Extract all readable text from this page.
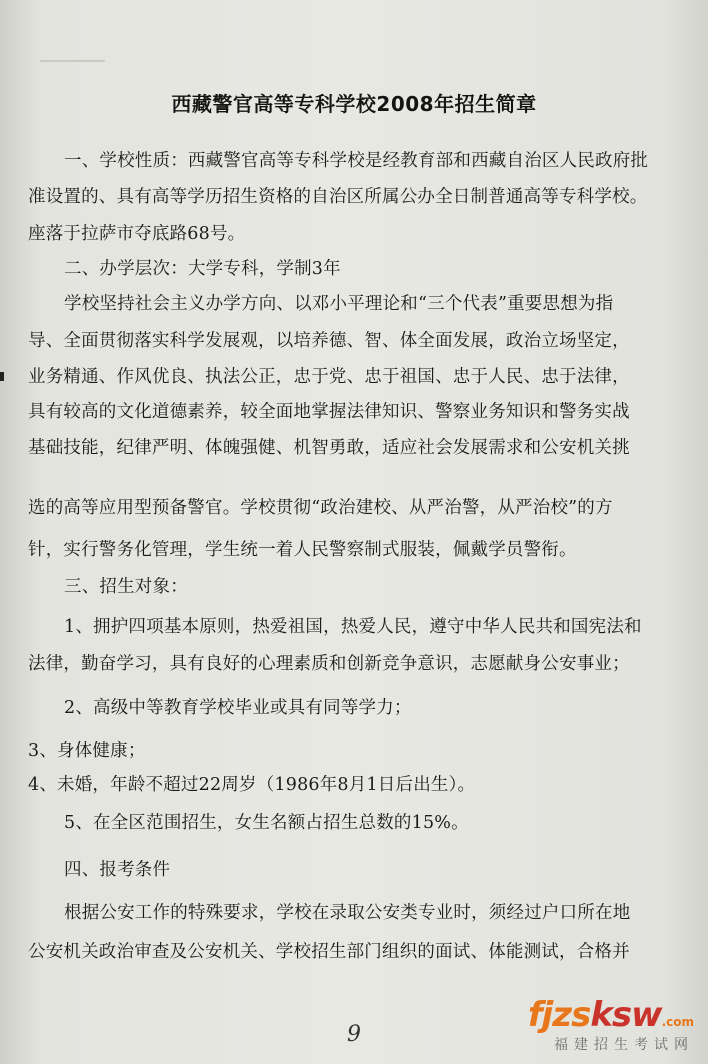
▔▔▔▔▔▔　　　　　　　　　　　　　　　　　　　　　　　　　　
西藏警官高等专科学校2008年招生简章
一、学校性质：西藏警官高等专科学校是经教育部和西藏自治区人民政府批
准设置的、具有高等学历招生资格的自治区所属公办全日制普通高等专科学校。
座落于拉萨市夺底路68号。
二、办学层次：大学专科，学制3年
学校坚持社会主义办学方向、以邓小平理论和“三个代表”重要思想为指
导、全面贯彻落实科学发展观，以培养德、智、体全面发展，政治立场坚定，
业务精通、作风优良、执法公正，忠于党、忠于祖国、忠于人民、忠于法律，
具有较高的文化道德素养，较全面地掌握法律知识、警察业务知识和警务实战
基础技能，纪律严明、体魄强健、机智勇敢，适应社会发展需求和公安机关挑
选的高等应用型预备警官。学校贯彻“政治建校、从严治警，从严治校”的方
针，实行警务化管理，学生统一着人民警察制式服装，佩戴学员警衔。
三、招生对象：
1、拥护四项基本原则，热爱祖国，热爱人民，遵守中华人民共和国宪法和
法律，勤奋学习，具有良好的心理素质和创新竞争意识，志愿献身公安事业；
2、高级中等教育学校毕业或具有同等学力；
3、身体健康；
4、未婚，年龄不超过22周岁（1986年8月1日后出生）。
5、在全区范围招生，女生名额占招生总数的15%。
四、报考条件
根据公安工作的特殊要求，学校在录取公安类专业时，须经过户口所在地
公安机关政治审查及公安机关、学校招生部门组织的面试、体能测试，合格并
9	fjzsksw.com
福建招生考试网
